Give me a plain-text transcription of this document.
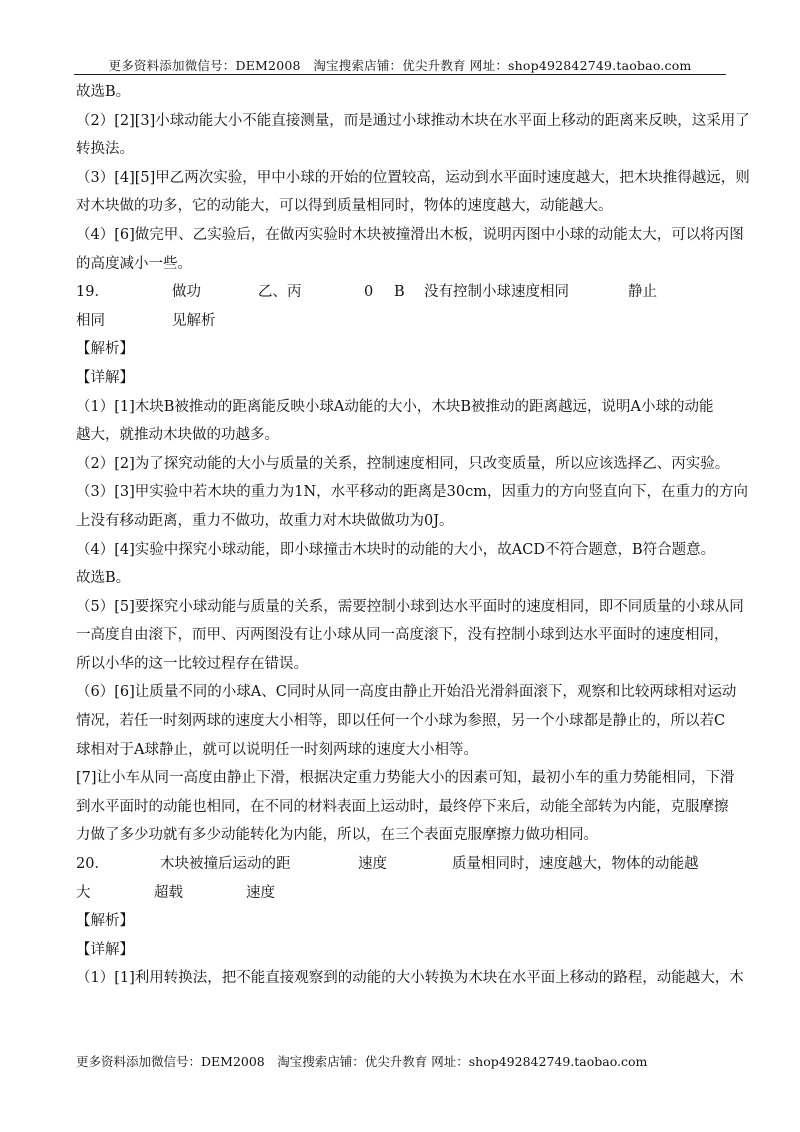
更多资料添加微信号：DEM2008　淘宝搜索店铺：优尖升教育 网址：shop492842749.taobao.com
故选B。
（2）[2][3]小球动能大小不能直接测量，而是通过小球推动木块在水平面上移动的距离来反映，这采用了
转换法。
（3）[4][5]甲乙两次实验，甲中小球的开始的位置较高，运动到水平面时速度越大，把木块推得越远，则
对木块做的功多，它的动能大，可以得到质量相同时，物体的速度越大，动能越大。
（4）[6]做完甲、乙实验后，在做丙实验时木块被撞滑出木板，说明丙图中小球的动能太大，可以将丙图
的高度减小一些。
19．	做功	乙、丙	0 B 没有控制小球速度相同	静止
相同	见解析
【解析】
【详解】
（1）[1]木块B被推动的距离能反映小球A动能的大小，木块B被推动的距离越远，说明A小球的动能
越大，就推动木块做的功越多。
（2）[2]为了探究动能的大小与质量的关系，控制速度相同，只改变质量，所以应该选择乙、丙实验。
（3）[3]甲实验中若木块的重力为1N，水平移动的距离是30cm，因重力的方向竖直向下，在重力的方向
上没有移动距离，重力不做功，故重力对木块做做功为0J。
（4）[4]实验中探究小球动能，即小球撞击木块时的动能的大小，故ACD不符合题意，B符合题意。
故选B。
（5）[5]要探究小球动能与质量的关系，需要控制小球到达水平面时的速度相同，即不同质量的小球从同
一高度自由滚下，而甲、丙两图没有让小球从同一高度滚下，没有控制小球到达水平面时的速度相同，
所以小华的这一比较过程存在错误。
（6）[6]让质量不同的小球A、C同时从同一高度由静止开始沿光滑斜面滚下，观察和比较两球相对运动
情况，若任一时刻两球的速度大小相等，即以任何一个小球为参照，另一个小球都是静止的，所以若C
球相对于A球静止，就可以说明任一时刻两球的速度大小相等。
[7]让小车从同一高度由静止下滑，根据决定重力势能大小的因素可知，最初小车的重力势能相同，下滑
到水平面时的动能也相同，在不同的材料表面上运动时，最终停下来后，动能全部转为内能，克服摩擦
力做了多少功就有多少动能转化为内能，所以，在三个表面克服摩擦力做功相同。
20．	木块被撞后运动的距	速度	质量相同时，速度越大，物体的动能越
大	超载	速度
【解析】
【详解】
（1）[1]利用转换法，把不能直接观察到的动能的大小转换为木块在水平面上移动的路程，动能越大，木
更多资料添加微信号：DEM2008　淘宝搜索店铺：优尖升教育 网址：shop492842749.taobao.com
